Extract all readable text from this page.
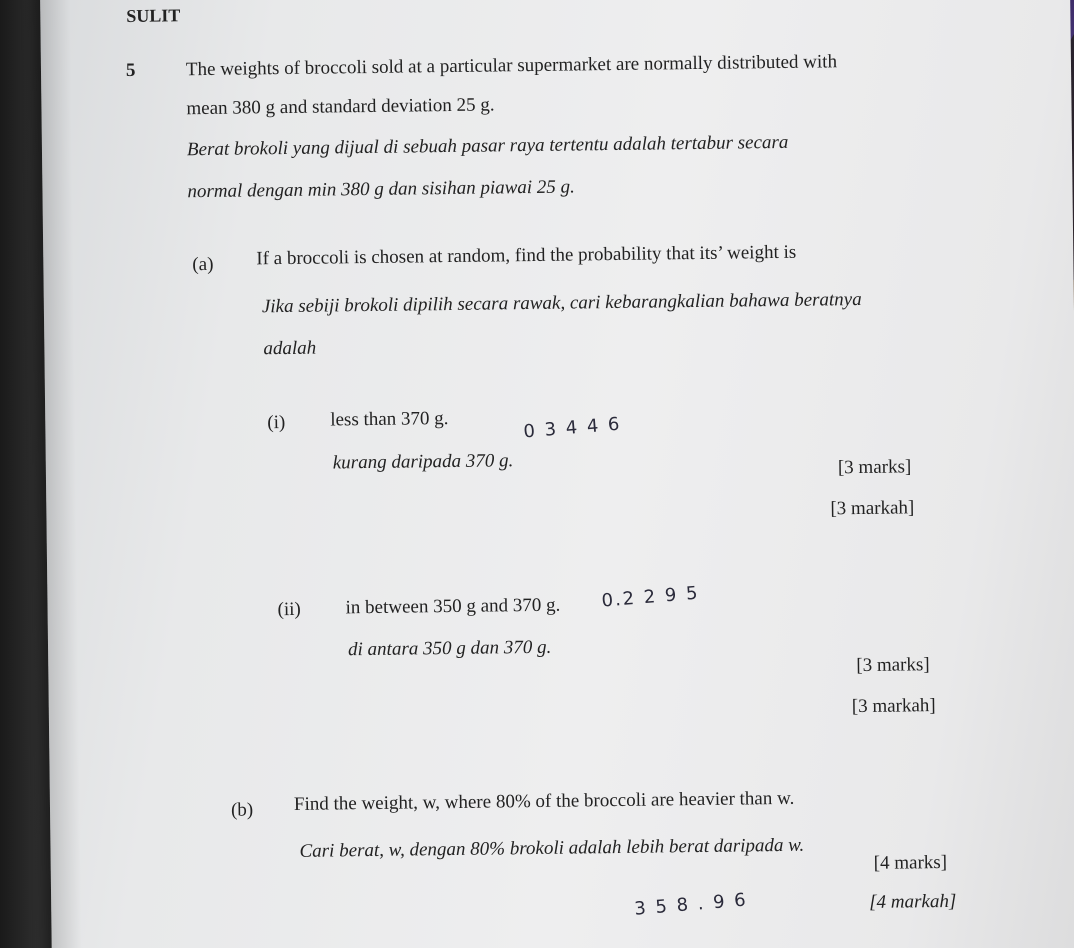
SULIT
5	The weights of broccoli sold at a particular supermarket are normally distributed with
mean 380 g and standard deviation 25 g.
Berat brokoli yang dijual di sebuah pasar raya tertentu adalah tertabur secara
normal dengan min 380 g dan sisihan piawai 25 g.
(a) If a broccoli is chosen at random, find the probability that its’ weight is
Jika sebiji brokoli dipilih secara rawak, cari kebarangkalian bahawa beratnya
adalah
(i) less than 370 g.	0 3 4 4 6
kurang daripada 370 g.	[3 marks]
[3 markah]
(ii) in between 350 g and 370 g. 0.2 2 9 5
di antara 350 g dan 370 g.
[3 marks]
[3 markah]
(b) Find the weight, w, where 80% of the broccoli are heavier than w.
Cari berat, w, dengan 80% brokoli adalah lebih berat daripada w.
[4 marks]
3 5 8 . 9 6	[4 markah]
